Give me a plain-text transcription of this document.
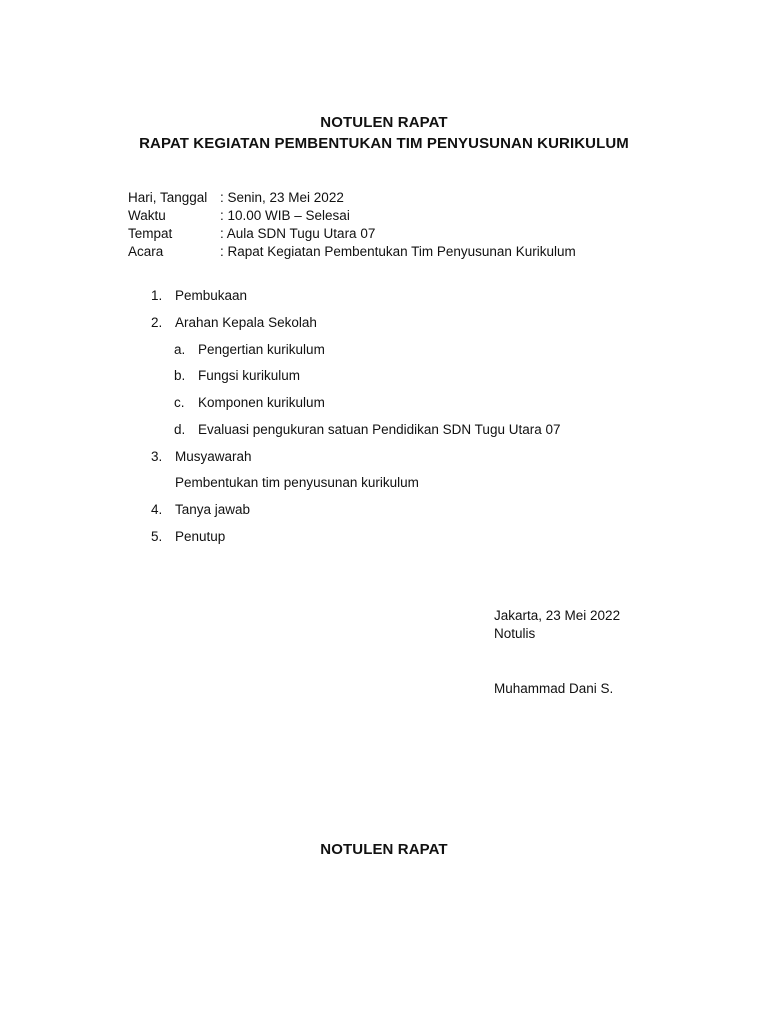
NOTULEN RAPAT
RAPAT KEGIATAN PEMBENTUKAN TIM PENYUSUNAN KURIKULUM
Hari, Tanggal : Senin, 23 Mei 2022
Waktu	: 10.00 WIB – Selesai
Tempat	: Aula SDN Tugu Utara 07
Acara	: Rapat Kegiatan Pembentukan Tim Penyusunan Kurikulum
1. Pembukaan
2. Arahan Kepala Sekolah
a. Pengertian kurikulum
b. Fungsi kurikulum
c. Komponen kurikulum
d. Evaluasi pengukuran satuan Pendidikan SDN Tugu Utara 07
3. Musyawarah
Pembentukan tim penyusunan kurikulum
4. Tanya jawab
5. Penutup
Jakarta, 23 Mei 2022
Notulis
Muhammad Dani S.
NOTULEN RAPAT
